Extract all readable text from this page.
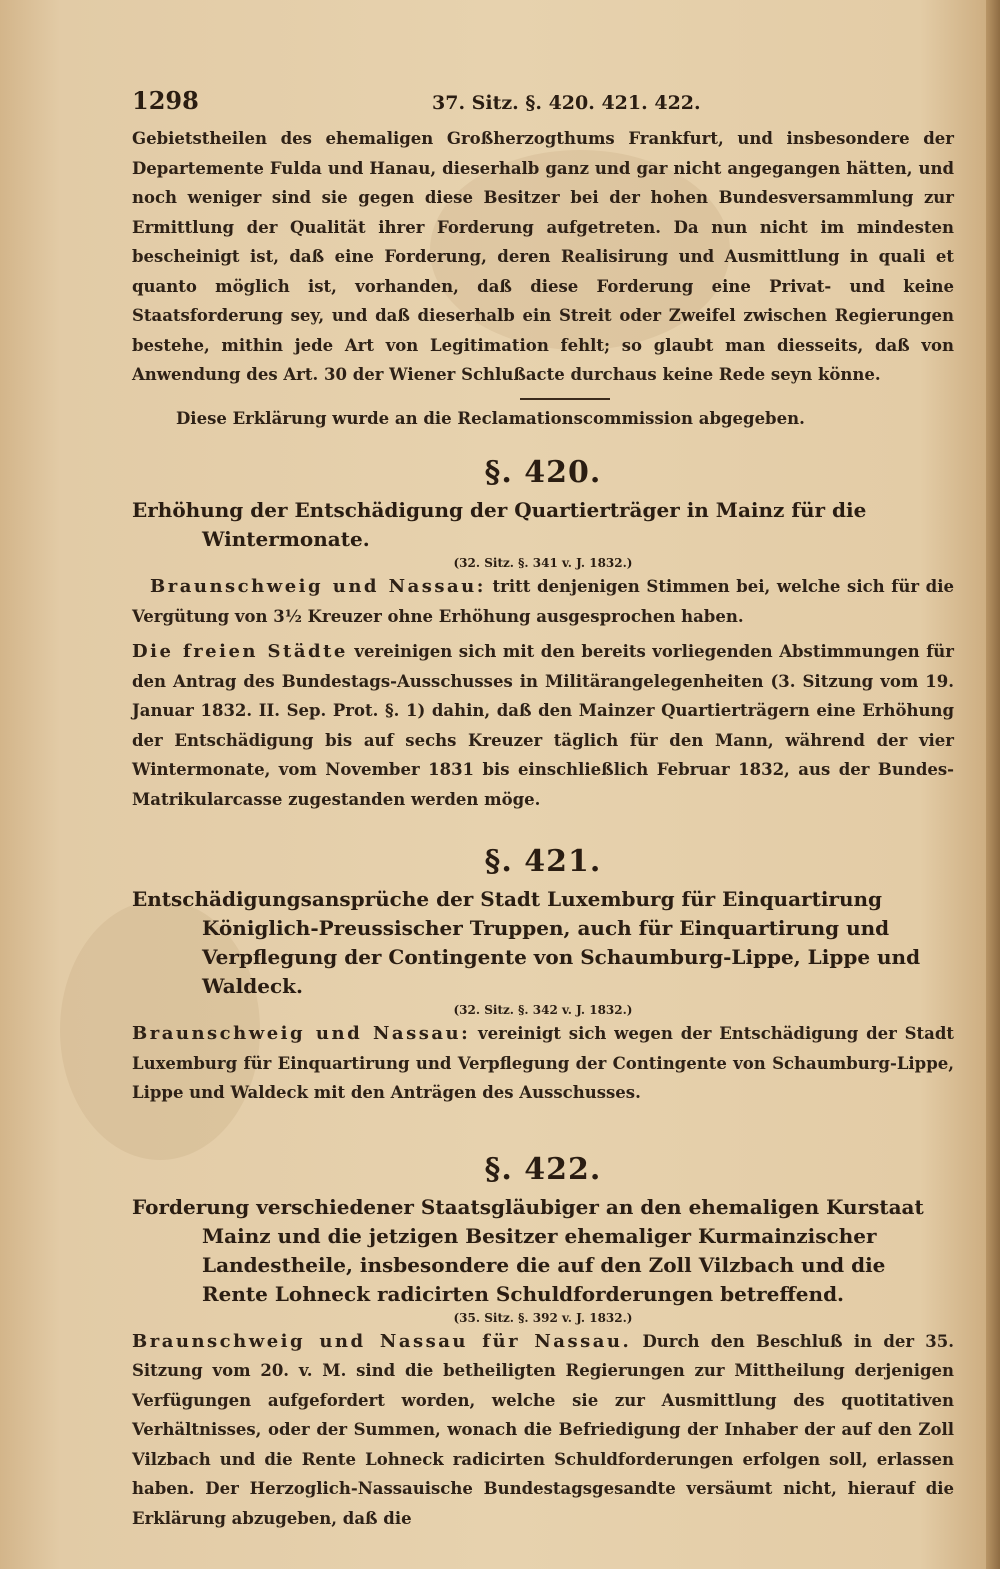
1298	37. Sitz. §. 420. 421. 422.

Gebietstheilen des ehemaligen Großherzogthums Frankfurt, und insbesondere der Departemente Fulda und Hanau, dieserhalb ganz und gar nicht angegangen hätten, und noch weniger sind sie gegen diese Besitzer bei der hohen Bundesversammlung zur Ermittlung der Qualität ihrer Forderung aufgetreten. Da nun nicht im mindesten bescheinigt ist, daß eine Forderung, deren Realisirung und Ausmittlung in quali et quanto möglich ist, vorhanden, daß diese Forderung eine Privat- und keine Staatsforderung sey, und daß dieserhalb ein Streit oder Zweifel zwischen Regierungen bestehe, mithin jede Art von Legitimation fehlt; so glaubt man diesseits, daß von Anwendung des Art. 30 der Wiener Schlußacte durchaus keine Rede seyn könne.

Diese Erklärung wurde an die Reclamationscommission abgegeben.

§. 420.

Erhöhung der Entschädigung der Quartierträger in Mainz für die Wintermonate.

(32. Sitz. §. 341 v. J. 1832.)

Braunschweig und Nassau: tritt denjenigen Stimmen bei, welche sich für die Vergütung von 3½ Kreuzer ohne Erhöhung ausgesprochen haben.

Die freien Städte vereinigen sich mit den bereits vorliegenden Abstimmungen für den Antrag des Bundestags-Ausschusses in Militärangelegenheiten (3. Sitzung vom 19. Januar 1832. II. Sep. Prot. §. 1) dahin, daß den Mainzer Quartierträgern eine Erhöhung der Entschädigung bis auf sechs Kreuzer täglich für den Mann, während der vier Wintermonate, vom November 1831 bis einschließlich Februar 1832, aus der Bundes-Matrikularcasse zugestanden werden möge.

§. 421.

Entschädigungsansprüche der Stadt Luxemburg für Einquartirung Königlich-Preussischer Truppen, auch für Einquartirung und Verpflegung der Contingente von Schaumburg-Lippe, Lippe und Waldeck.

(32. Sitz. §. 342 v. J. 1832.)

Braunschweig und Nassau: vereinigt sich wegen der Entschädigung der Stadt Luxemburg für Einquartirung und Verpflegung der Contingente von Schaumburg-Lippe, Lippe und Waldeck mit den Anträgen des Ausschusses.

§. 422.

Forderung verschiedener Staatsgläubiger an den ehemaligen Kurstaat Mainz und die jetzigen Besitzer ehemaliger Kurmainzischer Landestheile, insbesondere die auf den Zoll Vilzbach und die Rente Lohneck radicirten Schuldforderungen betreffend.

(35. Sitz. §. 392 v. J. 1832.)

Braunschweig und Nassau für Nassau. Durch den Beschluß in der 35. Sitzung vom 20. v. M. sind die betheiligten Regierungen zur Mittheilung derjenigen Verfügungen aufgefordert worden, welche sie zur Ausmittlung des quotitativen Verhältnisses, oder der Summen, wonach die Befriedigung der Inhaber der auf den Zoll Vilzbach und die Rente Lohneck radicirten Schuldforderungen erfolgen soll, erlassen haben. Der Herzoglich-Nassauische Bundestagsgesandte versäumt nicht, hierauf die Erklärung abzugeben, daß die
